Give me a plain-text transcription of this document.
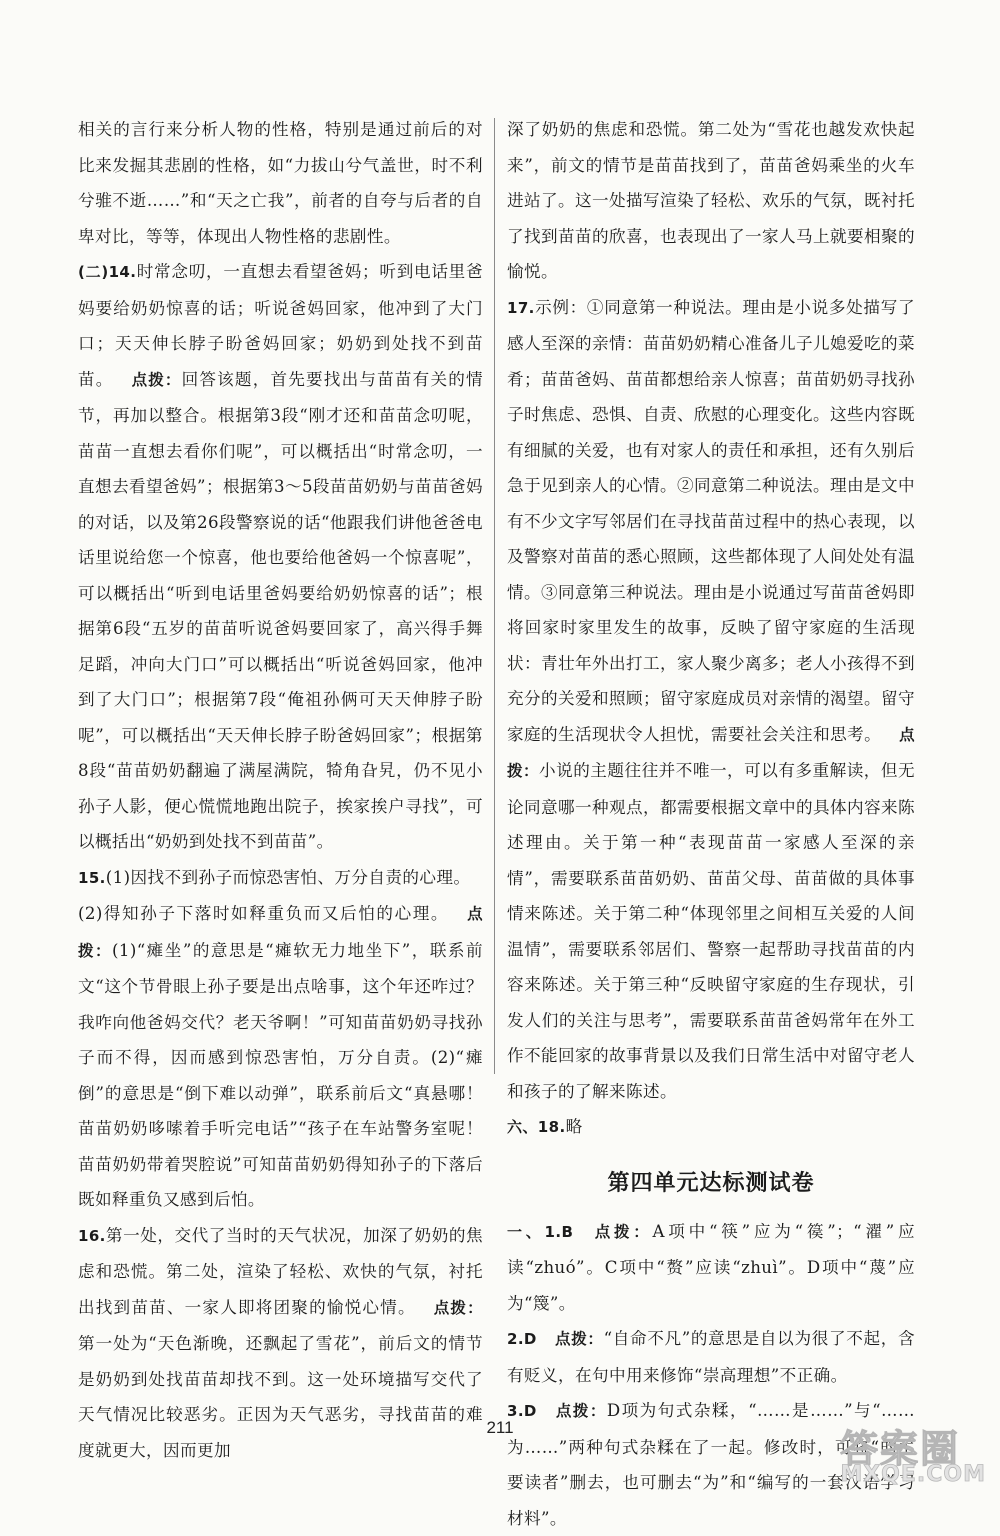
相关的言行来分析人物的性格，特别是通过前后的对比来发掘其悲剧的性格，如“力拔山兮气盖世，时不利兮骓不逝……”和“天之亡我”，前者的自夸与后者的自卑对比，等等，体现出人物性格的悲剧性。

(二)14.时常念叨，一直想去看望爸妈；听到电话里爸妈要给奶奶惊喜的话；听说爸妈回家，他冲到了大门口；天天伸长脖子盼爸妈回家；奶奶到处找不到苗苗。 点拨：回答该题，首先要找出与苗苗有关的情节，再加以整合。根据第3段“刚才还和苗苗念叨呢，苗苗一直想去看你们呢”，可以概括出“时常念叨，一直想去看望爸妈”；根据第3～5段苗苗奶奶与苗苗爸妈的对话，以及第26段警察说的话“他跟我们讲他爸爸电话里说给您一个惊喜，他也要给他爸妈一个惊喜呢”，可以概括出“听到电话里爸妈要给奶奶惊喜的话”；根据第6段“五岁的苗苗听说爸妈要回家了，高兴得手舞足蹈，冲向大门口”可以概括出“听说爸妈回家，他冲到了大门口”；根据第7段“俺祖孙俩可天天伸脖子盼呢”，可以概括出“天天伸长脖子盼爸妈回家”；根据第8段“苗苗奶奶翻遍了满屋满院，犄角旮旯，仍不见小孙子人影，便心慌慌地跑出院子，挨家挨户寻找”，可以概括出“奶奶到处找不到苗苗”。

15.(1)因找不到孙子而惊恐害怕、万分自责的心理。

(2)得知孙子下落时如释重负而又后怕的心理。 点拨：(1)“瘫坐”的意思是“瘫软无力地坐下”，联系前文“这个节骨眼上孙子要是出点啥事，这个年还咋过？我咋向他爸妈交代？老天爷啊！”可知苗苗奶奶寻找孙子而不得，因而感到惊恐害怕，万分自责。(2)“瘫倒”的意思是“倒下难以动弹”，联系前后文“真悬哪！苗苗奶奶哆嗦着手听完电话”“孩子在车站警务室呢！苗苗奶奶带着哭腔说”可知苗苗奶奶得知孙子的下落后既如释重负又感到后怕。

16.第一处，交代了当时的天气状况，加深了奶奶的焦虑和恐慌。第二处，渲染了轻松、欢快的气氛，衬托出找到苗苗、一家人即将团聚的愉悦心情。 点拨：第一处为“天色渐晚，还飘起了雪花”，前后文的情节是奶奶到处找苗苗却找不到。这一处环境描写交代了天气情况比较恶劣。正因为天气恶劣，寻找苗苗的难度就更大，因而更加

深了奶奶的焦虑和恐慌。第二处为“雪花也越发欢快起来”，前文的情节是苗苗找到了，苗苗爸妈乘坐的火车进站了。这一处描写渲染了轻松、欢乐的气氛，既衬托了找到苗苗的欣喜，也表现出了一家人马上就要相聚的愉悦。

17.示例：①同意第一种说法。理由是小说多处描写了感人至深的亲情：苗苗奶奶精心准备儿子儿媳爱吃的菜肴；苗苗爸妈、苗苗都想给亲人惊喜；苗苗奶奶寻找孙子时焦虑、恐惧、自责、欣慰的心理变化。这些内容既有细腻的关爱，也有对家人的责任和承担，还有久别后急于见到亲人的心情。②同意第二种说法。理由是文中有不少文字写邻居们在寻找苗苗过程中的热心表现，以及警察对苗苗的悉心照顾，这些都体现了人间处处有温情。③同意第三种说法。理由是小说通过写苗苗爸妈即将回家时家里发生的故事，反映了留守家庭的生活现状：青壮年外出打工，家人聚少离多；老人小孩得不到充分的关爱和照顾；留守家庭成员对亲情的渴望。留守家庭的生活现状令人担忧，需要社会关注和思考。 点拨：小说的主题往往并不唯一，可以有多重解读，但无论同意哪一种观点，都需要根据文章中的具体内容来陈述理由。关于第一种“表现苗苗一家感人至深的亲情”，需要联系苗苗奶奶、苗苗父母、苗苗做的具体事情来陈述。关于第二种“体现邻里之间相互关爱的人间温情”，需要联系邻居们、警察一起帮助寻找苗苗的内容来陈述。关于第三种“反映留守家庭的生存现状，引发人们的关注与思考”，需要联系苗苗爸妈常年在外工作不能回家的故事背景以及我们日常生活中对留守老人和孩子的了解来陈述。

六、18.略

第四单元达标测试卷

一、1.B 点拨：A项中“筷”应为“篌”；“濯”应读“zhuó”。C项中“赘”应读“zhuì”。D项中“蔑”应为“篾”。

2.D 点拨：“自命不凡”的意思是自以为很了不起，含有贬义，在句中用来修饰“崇高理想”不正确。

3.D 点拨：D项为句式杂糅，“……是……”与“……为……”两种句式杂糅在了一起。修改时，可将“的主要读者”删去，也可删去“为”和“编写的一套汉语学习材料”。

211	答案圈
MXQE.COM
